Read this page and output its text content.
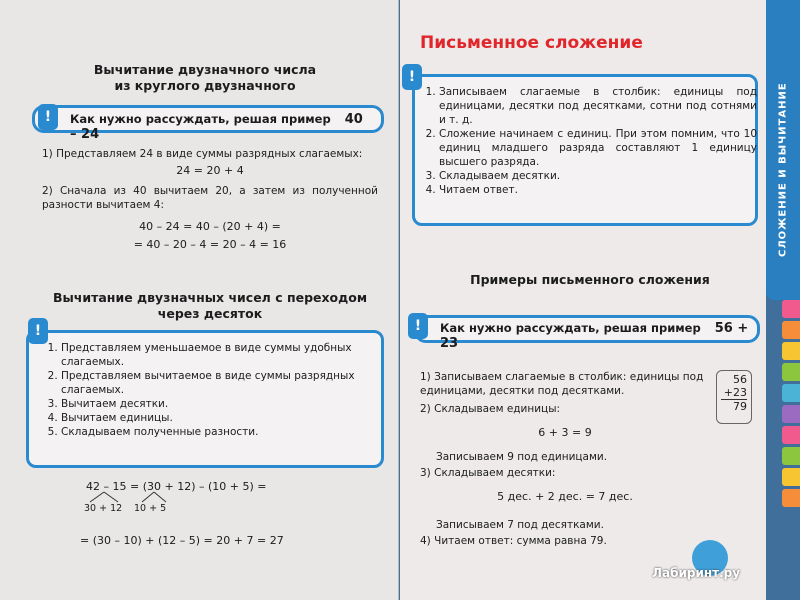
Вычитание двузначного числа
из круглого двузначного
!	Как нужно рассуждать, решая пример 40 – 24
1) Представляем 24 в виде суммы разрядных слагаемых:
24 = 20 + 4
2) Сначала из 40 вычитаем 20, а затем из полученной разности вычитаем 4:
40 – 24 = 40 – (20 + 4) =
= 40 – 20 – 4 = 20 – 4 = 16
Вычитание двузначных чисел с переходом
через десяток
1. Представляем уменьшаемое в виде суммы удобных слагаемых.
2. Представляем вычитаемое в виде суммы разрядных слагаемых.
3. Вычитаем десятки.
4. Вычитаем единицы.
5. Складываем полученные разности.
!
42 – 15 = (30 + 12) – (10 + 5) =
30 + 12 10 + 5
= (30 – 10) + (12 – 5) = 20 + 7 = 27
Письменное сложение
1. Записываем слагаемые в столбик: единицы под единицами, десятки под десятками, сотни под сотнями и т. д.
2. Сложение начинаем с единиц. При этом помним, что 10 единиц младшего разряда составляют 1 единицу высшего разряда.
3. Складываем десятки.
4. Читаем ответ.
!
Примеры письменного сложения
!	Как нужно рассуждать, решая пример 56 + 23
1) Записываем слагаемые в столбик: единицы под единицами, десятки под десятками.
2) Складываем единицы:
6 + 3 = 9
Записываем 9 под единицами.
3) Складываем десятки:
5 дес. + 2 дес. = 7 дес.
Записываем 7 под десятками.
4) Читаем ответ: сумма равна 79.
56
+23
79
СЛОЖЕНИЕ И ВЫЧИТАНИЕ
Лабиринт.ру
